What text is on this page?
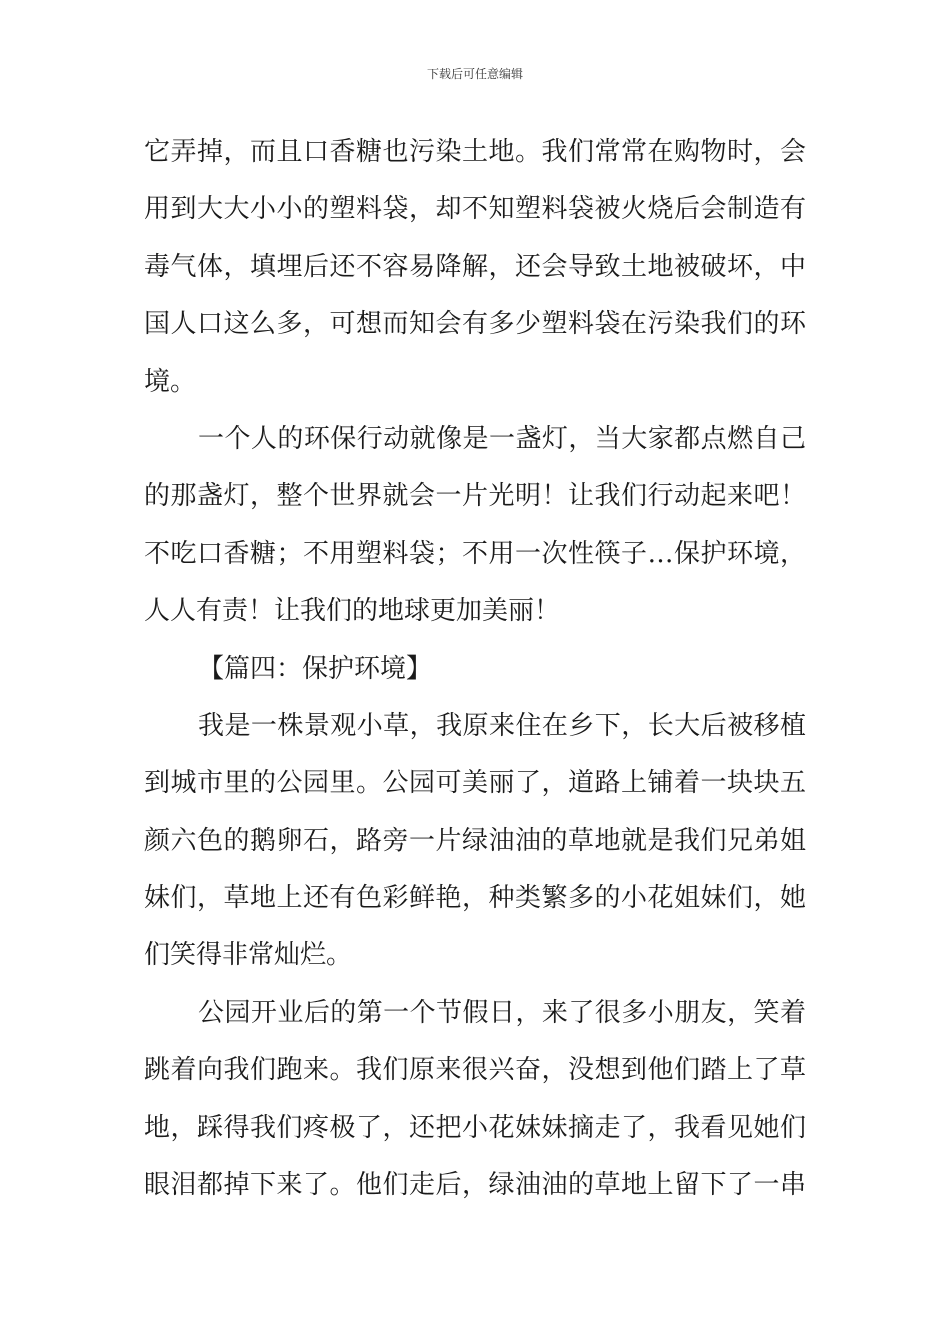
下载后可任意编辑
它弄掉，而且口香糖也污染土地。我们常常在购物时，会
用到大大小小的塑料袋，却不知塑料袋被火烧后会制造有
毒气体，填埋后还不容易降解，还会导致土地被破坏，中
国人口这么多，可想而知会有多少塑料袋在污染我们的环
境。
一个人的环保行动就像是一盏灯，当大家都点燃自己
的那盏灯，整个世界就会一片光明！让我们行动起来吧！
不吃口香糖；不用塑料袋；不用一次性筷子…保护环境，
人人有责！让我们的地球更加美丽！
【篇四：保护环境】
我是一株景观小草，我原来住在乡下，长大后被移植
到城市里的公园里。公园可美丽了，道路上铺着一块块五
颜六色的鹅卵石，路旁一片绿油油的草地就是我们兄弟姐
妹们，草地上还有色彩鲜艳，种类繁多的小花姐妹们，她
们笑得非常灿烂。
公园开业后的第一个节假日，来了很多小朋友，笑着
跳着向我们跑来。我们原来很兴奋，没想到他们踏上了草
地，踩得我们疼极了，还把小花妹妹摘走了，我看见她们
眼泪都掉下来了。他们走后，绿油油的草地上留下了一串
